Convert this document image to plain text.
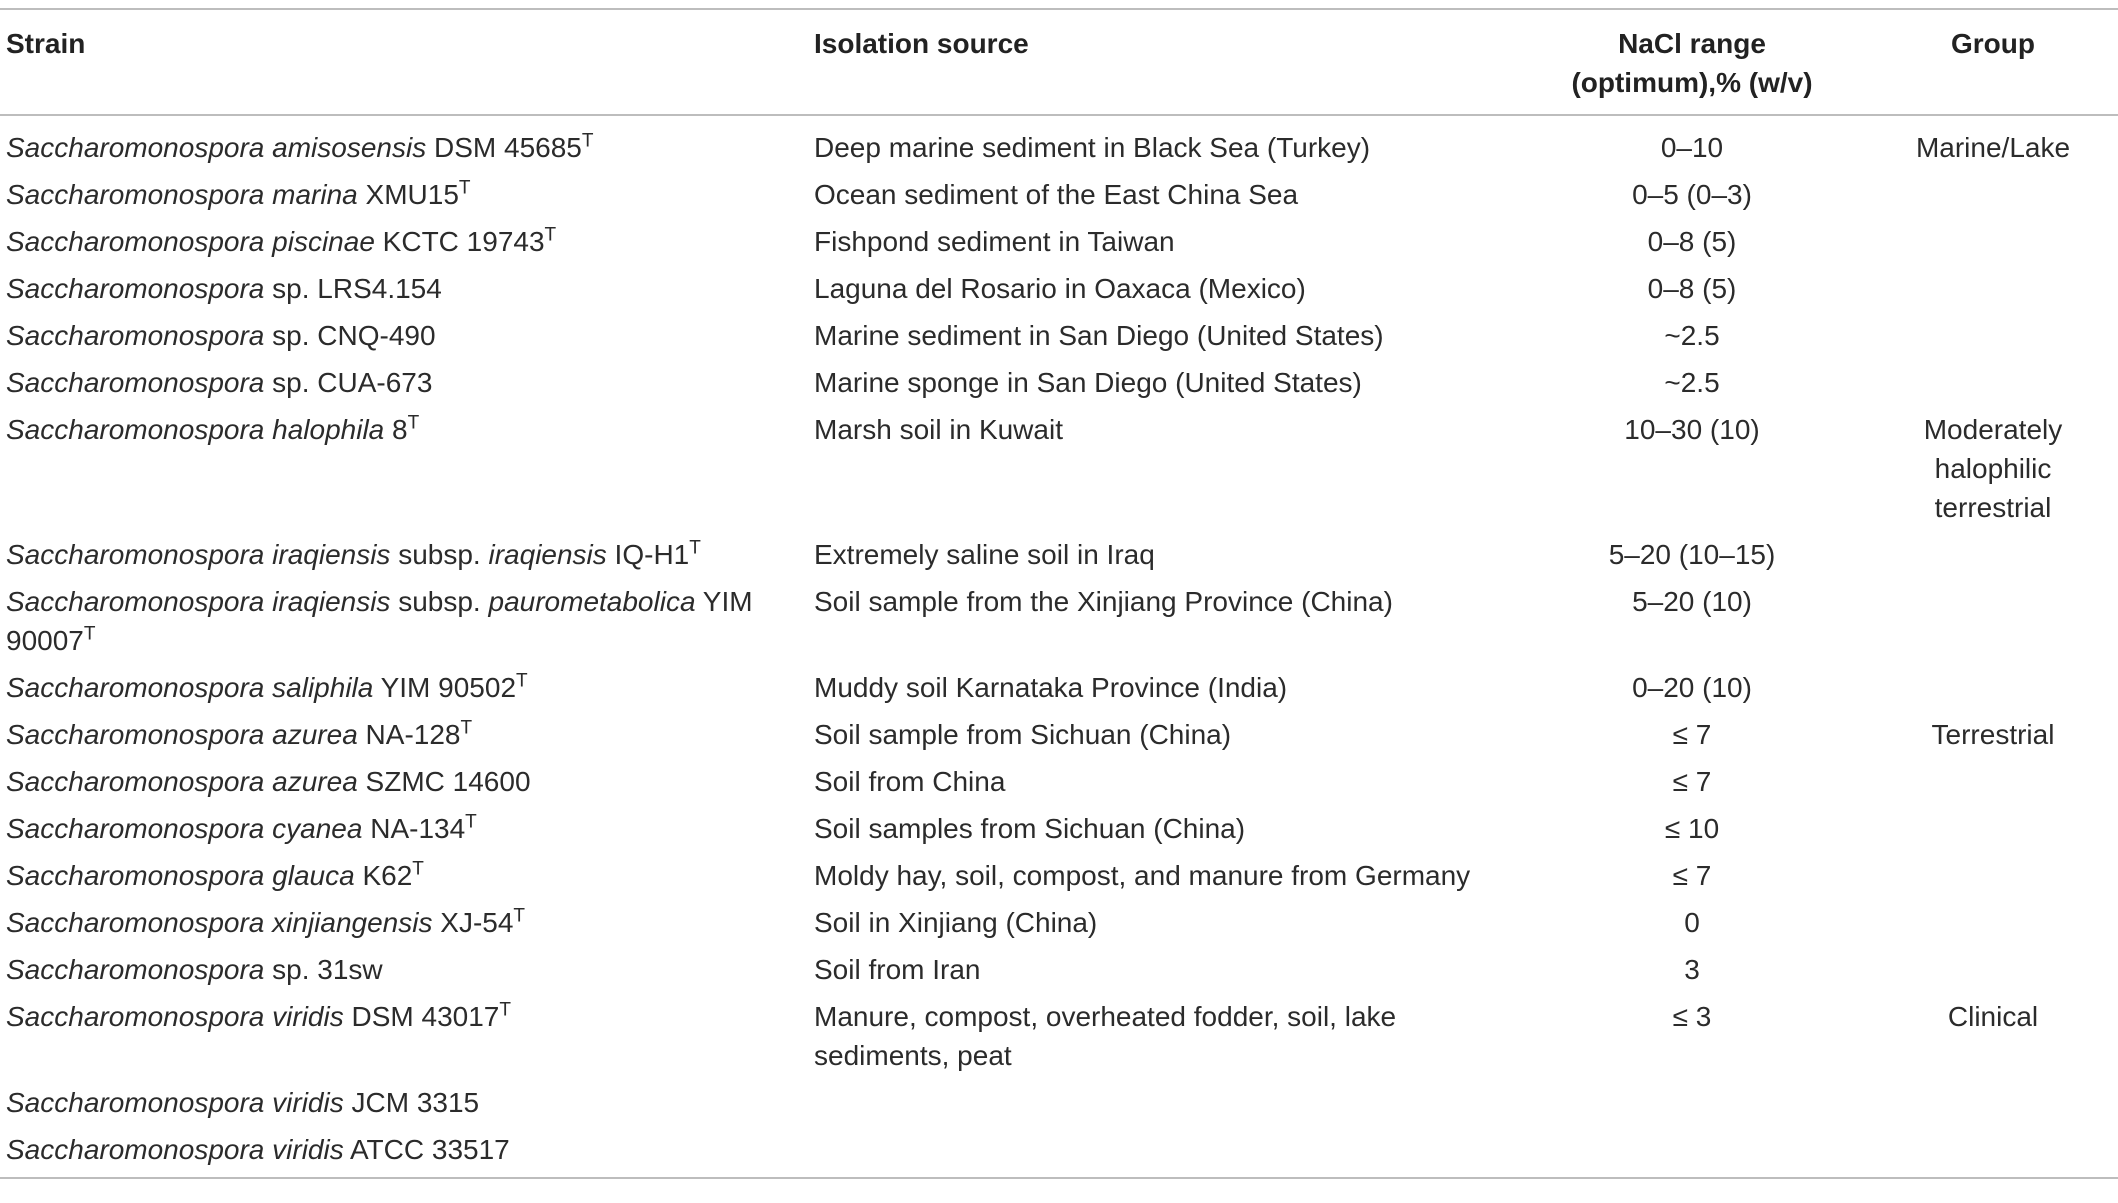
Strain	Isolation source	NaCl range (optimum),% (w/v)	Group
Saccharomonospora amisosensis DSM $45685^T$	Deep marine sediment in Black Sea (Turkey)	0–10	Marine/Lake
Saccharomonospora marina $XMU15^T$	Ocean sediment of the East China Sea	0–5 (0–3)	
Saccharomonospora piscinae KCTC $19743^T$	Fishpond sediment in Taiwan	0–8 (5)	
Saccharomonospora sp. LRS4.154	Laguna del Rosario in Oaxaca (Mexico)	0–8 (5)	
Saccharomonospora sp. CNQ-490	Marine sediment in San Diego (United States)	~2.5	
Saccharomonospora sp. CUA-673	Marine sponge in San Diego (United States)	~2.5	
Saccharomonospora halophila $8^T$	Marsh soil in Kuwait	10–30 (10)	Moderately halophilic terrestrial
Saccharomonospora iraqiensis subsp. iraqiensis $IQ-H1^T$	Extremely saline soil in Iraq	5–20 (10–15)	
Saccharomonospora iraqiensis subsp. paurometabolica YIM $90007^T$	Soil sample from the Xinjiang Province (China)	5–20 (10)	
Saccharomonospora saliphila YIM $90502^T$	Muddy soil Karnataka Province (India)	0–20 (10)	
Saccharomonospora azurea $NA-128^T$	Soil sample from Sichuan (China)	≤ 7	Terrestrial
Saccharomonospora azurea SZMC 14600	Soil from China	≤ 7	
Saccharomonospora cyanea $NA-134^T$	Soil samples from Sichuan (China)	≤ 10	
Saccharomonospora glauca $K62^T$	Moldy hay, soil, compost, and manure from Germany	≤ 7	
Saccharomonospora xinjiangensis $XJ-54^T$	Soil in Xinjiang (China)	0	
Saccharomonospora sp. 31sw	Soil from Iran	3	
Saccharomonospora viridis DSM $43017^T$	Manure, compost, overheated fodder, soil, lake sediments, peat	≤ 3	Clinical
Saccharomonospora viridis JCM 3315			
Saccharomonospora viridis ATCC 33517			
